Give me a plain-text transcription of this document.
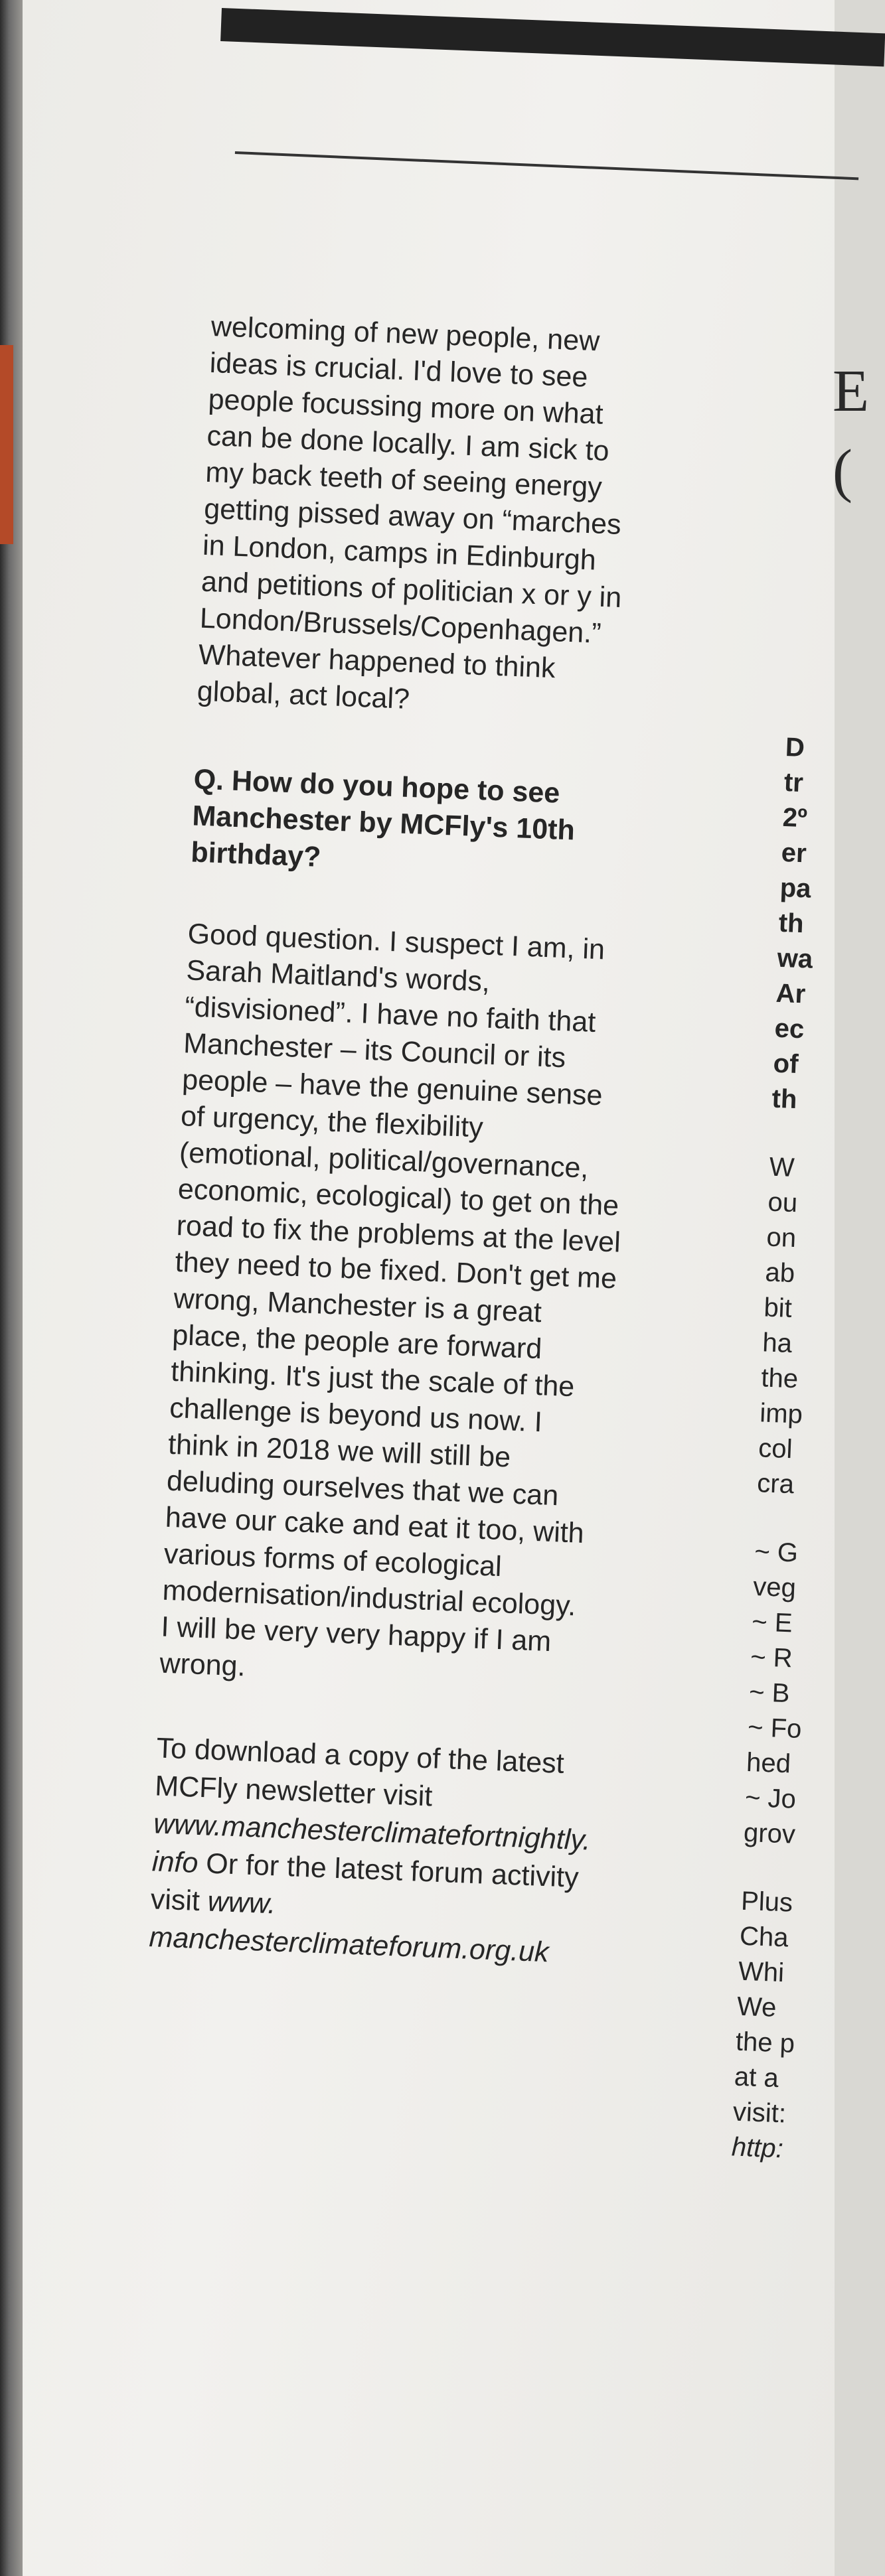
welcoming of new people, new
ideas is crucial. I'd love to see
people focussing more on what
can be done locally. I am sick to
my back teeth of seeing energy
getting pissed away on “marches
in London, camps in Edinburgh
and petitions of politician x or y in
London/Brussels/Copenhagen.”
Whatever happened to think
global, act local?

Q. How do you hope to see
Manchester by MCFly's 10th
birthday?

Good question. I suspect I am, in
Sarah Maitland's words,
“disvisioned”. I have no faith that
Manchester – its Council or its
people – have the genuine sense
of urgency, the flexibility
(emotional, political/governance,
economic, ecological) to get on the
road to fix the problems at the level
they need to be fixed. Don't get me
wrong, Manchester is a great
place, the people are forward
thinking. It's just the scale of the
challenge is beyond us now. I
think in 2018 we will still be
deluding ourselves that we can
have our cake and eat it too, with
various forms of ecological
modernisation/industrial ecology.
I will be very very happy if I am
wrong.

To download a copy of the latest
MCFly newsletter visit
www.manchesterclimatefortnightly.
info Or for the latest forum activity
visit www.
manchesterclimateforum.org.uk

E
(
D
tr
2º
er
pa
th
wa
Ar
ec
of
th
W
ou
on
ab
bit
ha
the
imp
col
cra
~ G
veg
~ E
~ R
~ B
~ Fo
hed
~ Jo
grov
Plus
Cha
Whi
We
the p
at a
visit:
http:
